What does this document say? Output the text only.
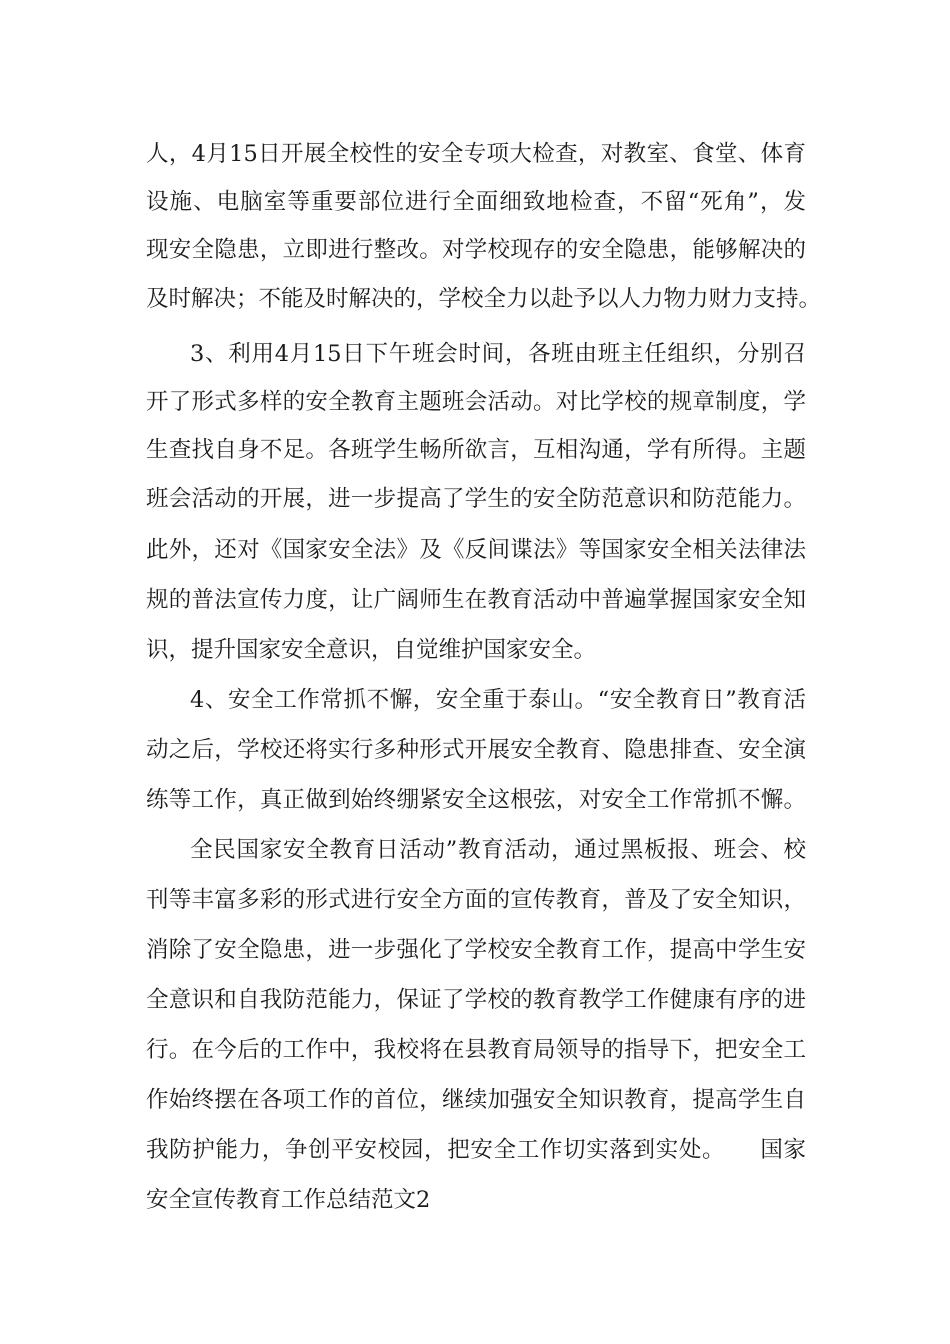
人，4月15日开展全校性的安全专项大检查，对教室、食堂、体育
设施、电脑室等重要部位进行全面细致地检查，不留“死角”，发
现安全隐患，立即进行整改。对学校现存的安全隐患，能够解决的
及时解决；不能及时解决的，学校全力以赴予以人力物力财力支持。
3、利用4月15日下午班会时间，各班由班主任组织，分别召
开了形式多样的安全教育主题班会活动。对比学校的规章制度，学
生查找自身不足。各班学生畅所欲言，互相沟通，学有所得。主题
班会活动的开展，进一步提高了学生的安全防范意识和防范能力。
此外，还对《国家安全法》及《反间谍法》等国家安全相关法律法
规的普法宣传力度，让广阔师生在教育活动中普遍掌握国家安全知
识，提升国家安全意识，自觉维护国家安全。
4、安全工作常抓不懈，安全重于泰山。“安全教育日”教育活
动之后，学校还将实行多种形式开展安全教育、隐患排查、安全演
练等工作，真正做到始终绷紧安全这根弦，对安全工作常抓不懈。
全民国家安全教育日活动”教育活动，通过黑板报、班会、校
刊等丰富多彩的形式进行安全方面的宣传教育，普及了安全知识，
消除了安全隐患，进一步强化了学校安全教育工作，提高中学生安
全意识和自我防范能力，保证了学校的教育教学工作健康有序的进
行。在今后的工作中，我校将在县教育局领导的指导下，把安全工
作始终摆在各项工作的首位，继续加强安全知识教育，提高学生自
我防护能力，争创平安校园，把安全工作切实落到实处。　　国家
安全宣传教育工作总结范文2
